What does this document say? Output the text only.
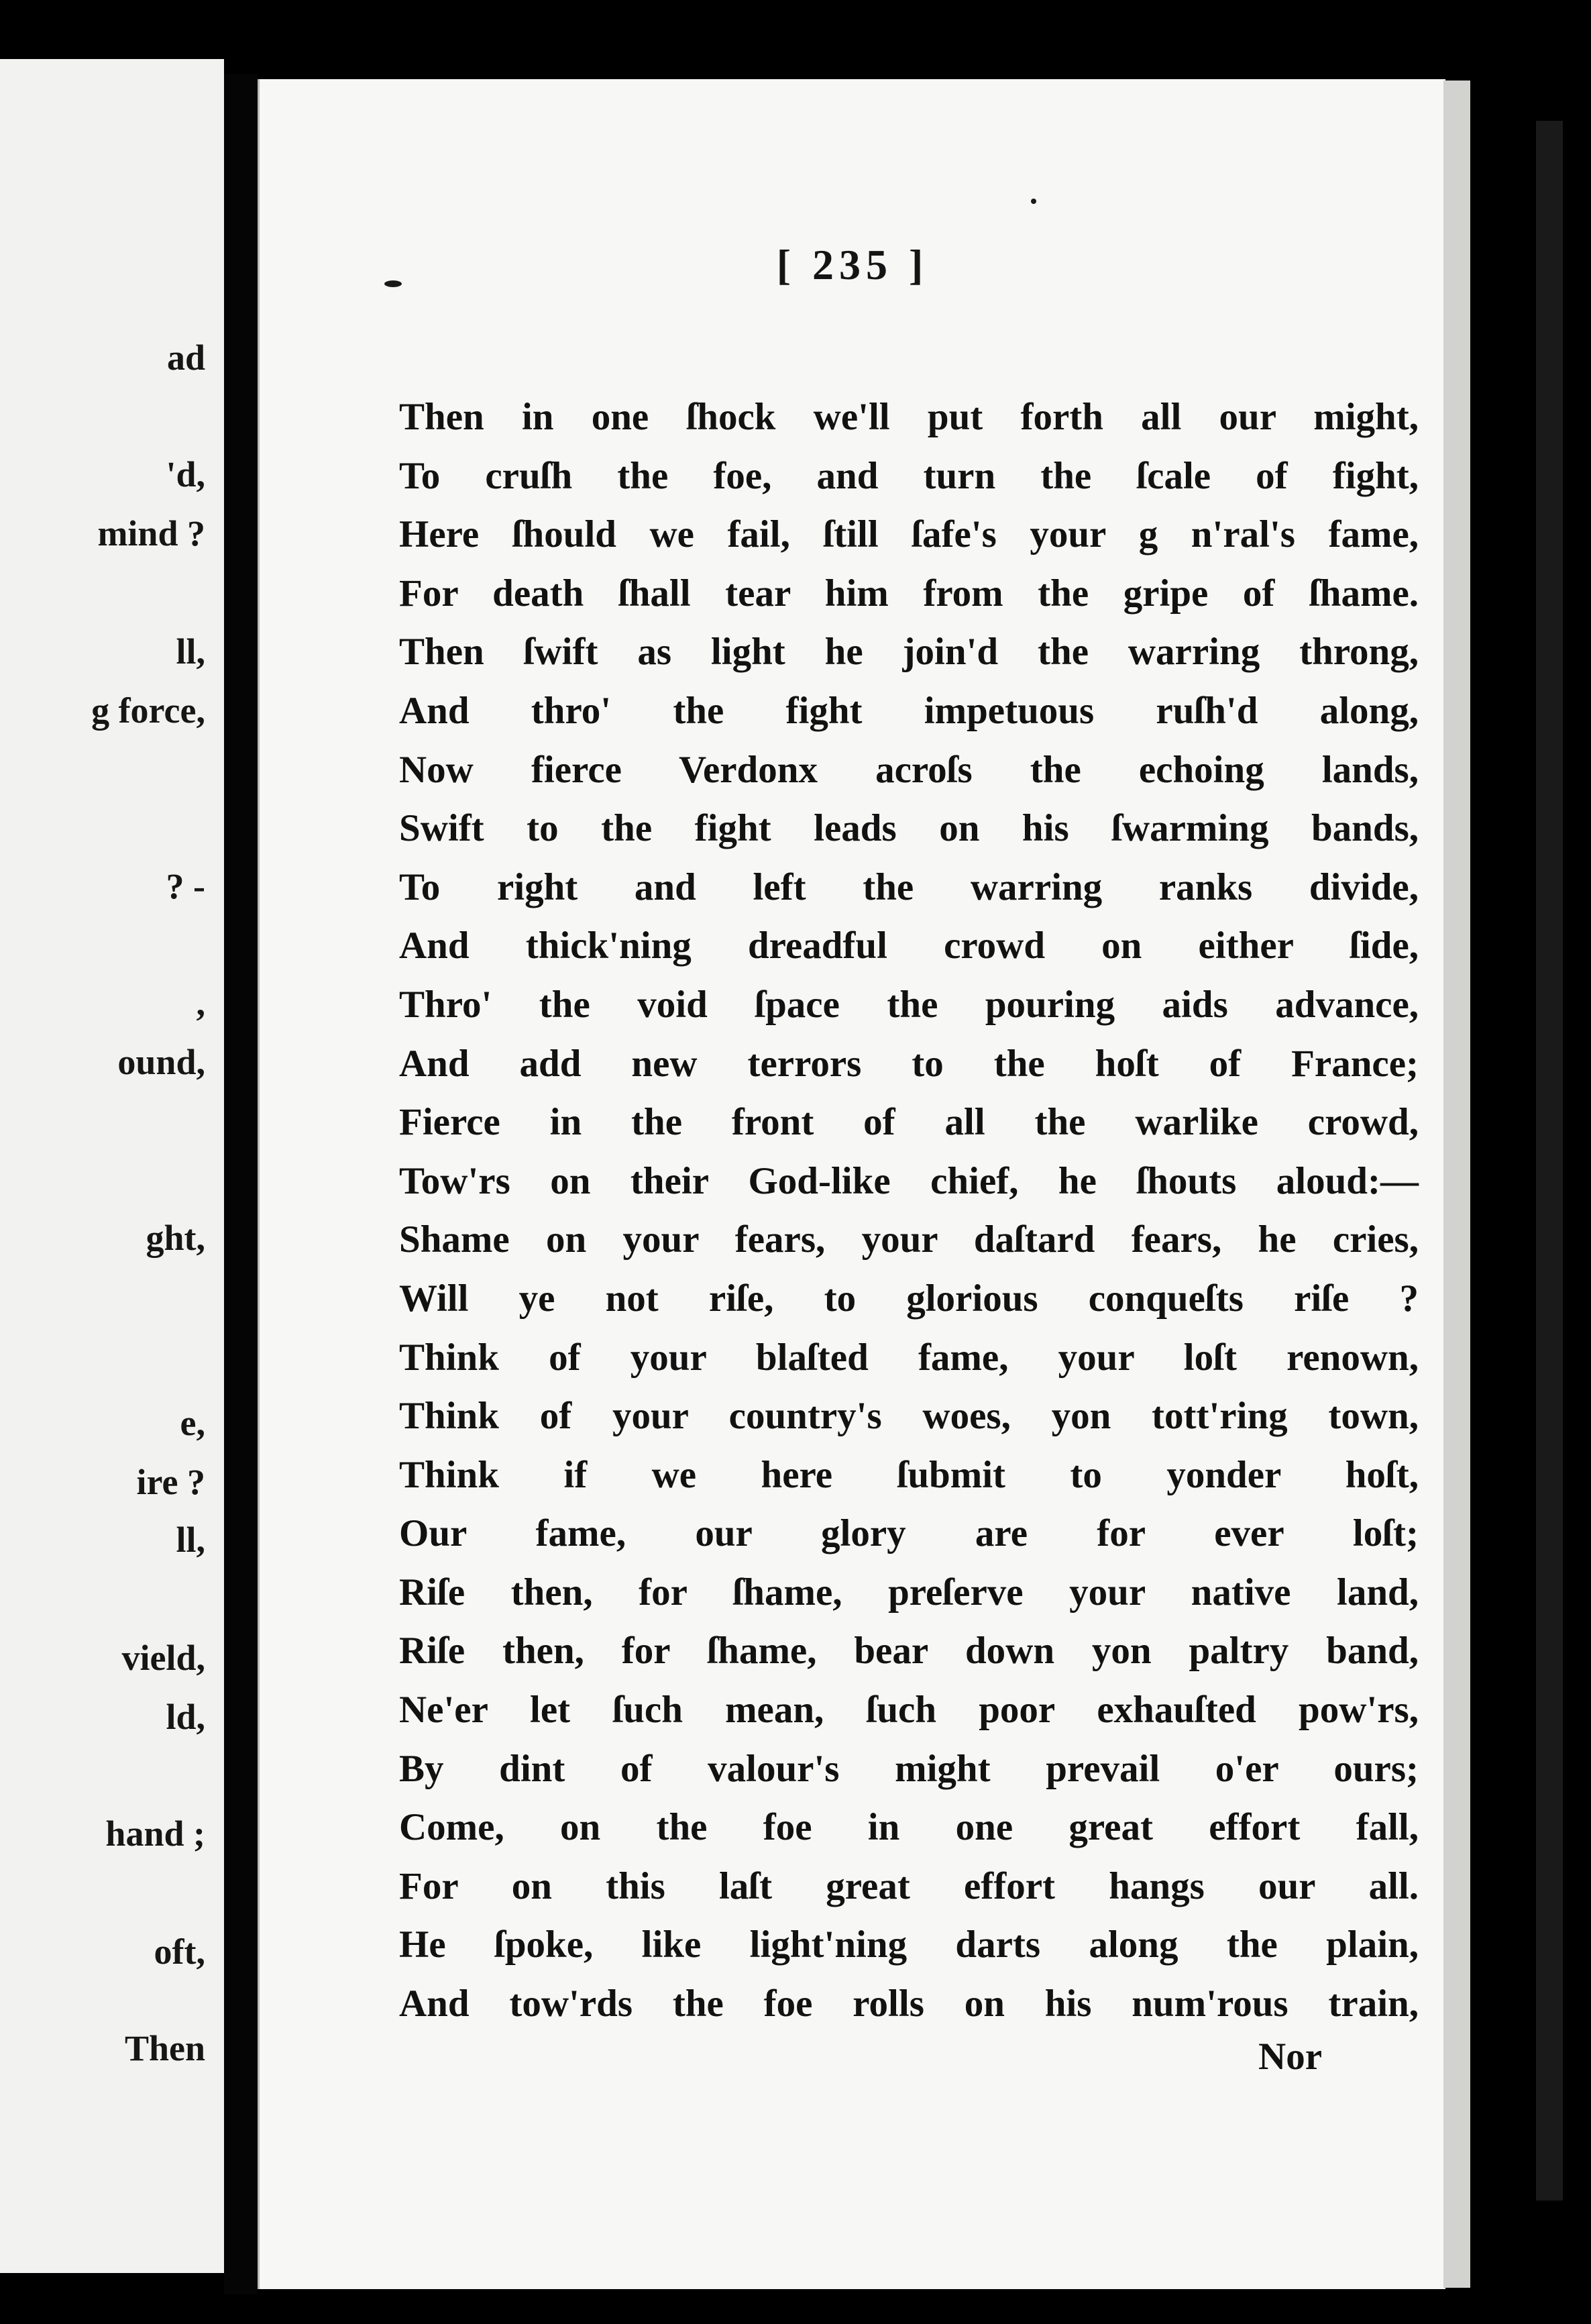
ad
'd,
mind ?
ll,
g force,
? -
,
ound,
ght,
e,
ire ?
ll,
vield,
ld,
hand ;
oft,
Then
[ 235 ]
Then in one ſhock we'll put forth all our might,
To cruſh the foe, and turn the ſcale of fight,
Here ſhould we fail, ſtill ſafe's your g n'ral's fame,
For death ſhall tear him from the gripe of ſhame.
Then ſwift as light he join'd the warring throng,
And thro' the fight impetuous ruſh'd along,
Now fierce Verdonx acroſs the echoing lands,
Swift to the fight leads on his ſwarming bands,
To right and left the warring ranks divide,
And thick'ning dreadful crowd on either ſide,
Thro' the void ſpace the pouring aids advance,
And add new terrors to the hoſt of France;
Fierce in the front of all the warlike crowd,
Tow'rs on their God-like chief, he ſhouts aloud:—
Shame on your fears, your daſtard fears, he cries,
Will ye not riſe, to glorious conqueſts riſe ?
Think of your blaſted fame, your loſt renown,
Think of your country's woes, yon tott'ring town,
Think if we here ſubmit to yonder hoſt,
Our fame, our glory are for ever loſt;
Riſe then, for ſhame, preſerve your native land,
Riſe then, for ſhame, bear down yon paltry band,
Ne'er let ſuch mean, ſuch poor exhauſted pow'rs,
By dint of valour's might prevail o'er ours;
Come, on the foe in one great effort fall,
For on this laſt great effort hangs our all.
He ſpoke, like light'ning darts along the plain,
And tow'rds the foe rolls on his num'rous train,
Nor
